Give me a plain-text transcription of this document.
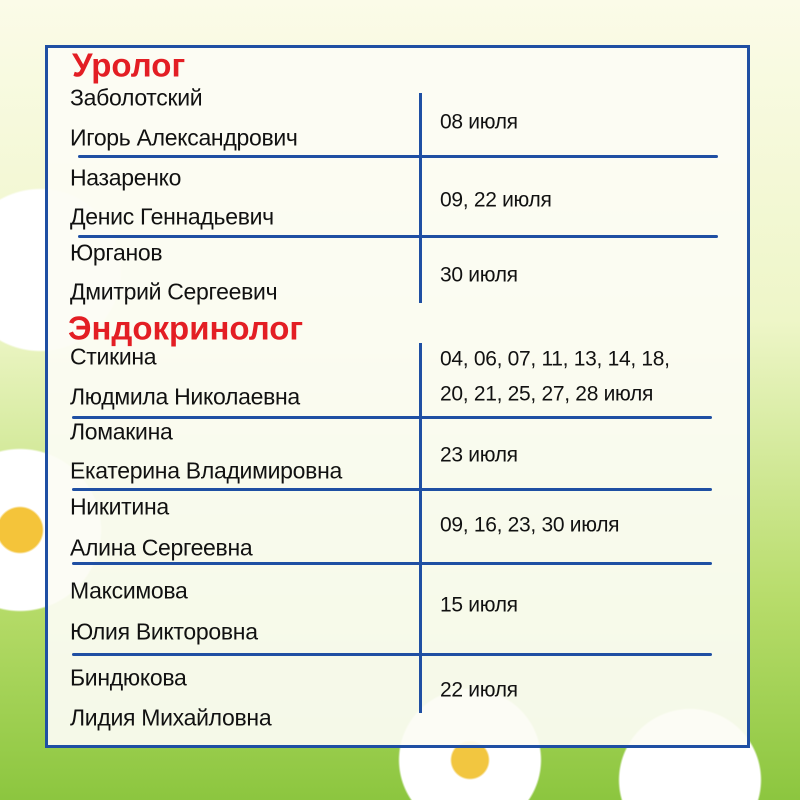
Уролог
Заболотский
Игорь Александрович
08 июля
Назаренко
Денис Геннадьевич
09, 22 июля
Юрганов
Дмитрий Сергеевич
30 июля
Эндокринолог
Стикина
Людмила Николаевна
04, 06, 07, 11, 13, 14, 18,
20, 21, 25, 27, 28 июля
Ломакина
Екатерина Владимировна
23 июля
Никитина
Алина Сергеевна
09, 16, 23, 30 июля
Максимова
Юлия Викторовна
15 июля
Биндюкова
Лидия Михайловна
22 июля
